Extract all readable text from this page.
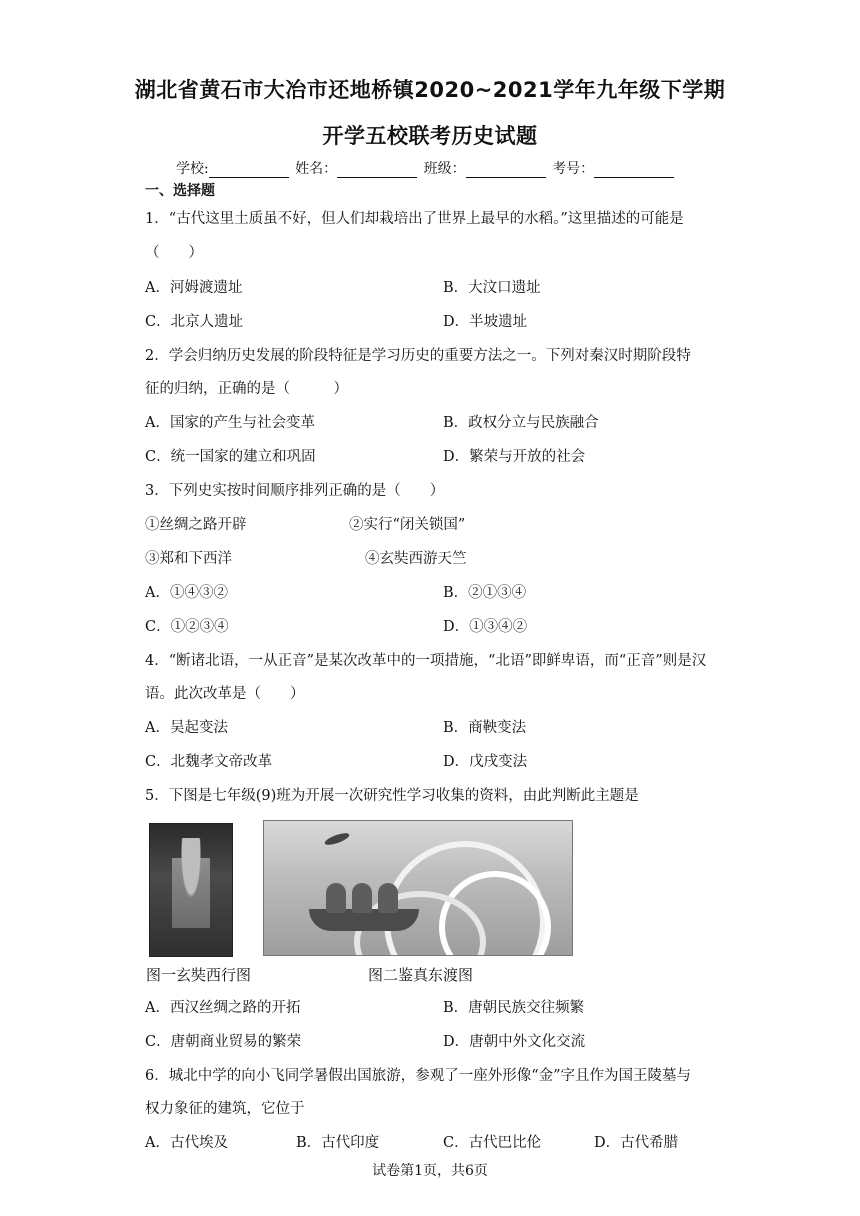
湖北省黄石市大冶市还地桥镇2020~2021学年九年级下学期
开学五校联考历史试题
学校:	姓名：	班级：	考号：
一、选择题
1．“古代这里土质虽不好，但人们却栽培出了世界上最早的水稻。”这里描述的可能是
（　　）
A．河姆渡遗址	B．大汶口遗址
C．北京人遗址	D．半坡遗址
2．学会归纳历史发展的阶段特征是学习历史的重要方法之一。下列对秦汉时期阶段特
征的归纳，正确的是（　　　）
A．国家的产生与社会变革	B．政权分立与民族融合
C．统一国家的建立和巩固	D．繁荣与开放的社会
3．下列史实按时间顺序排列正确的是（　　）
①丝绸之路开辟	②实行“闭关锁国”
③郑和下西洋	④玄奘西游天竺
A．①④③②	B．②①③④
C．①②③④	D．①③④②
4．“断诸北语，一从正音”是某次改革中的一项措施，“北语”即鲜卑语，而“正音”则是汉
语。此次改革是（　　）
A．吴起变法	B．商鞅变法
C．北魏孝文帝改革	D．戊戌变法
5．下图是七年级(9)班为开展一次研究性学习收集的资料，由此判断此主题是
图一玄奘西行图	图二鉴真东渡图
A．西汉丝绸之路的开拓	B．唐朝民族交往频繁
C．唐朝商业贸易的繁荣	D．唐朝中外文化交流
6．城北中学的向小飞同学暑假出国旅游，参观了一座外形像“金”字且作为国王陵墓与
权力象征的建筑，它位于
A．古代埃及	B．古代印度	C．古代巴比伦	D．古代希腊
试卷第1页，共6页
